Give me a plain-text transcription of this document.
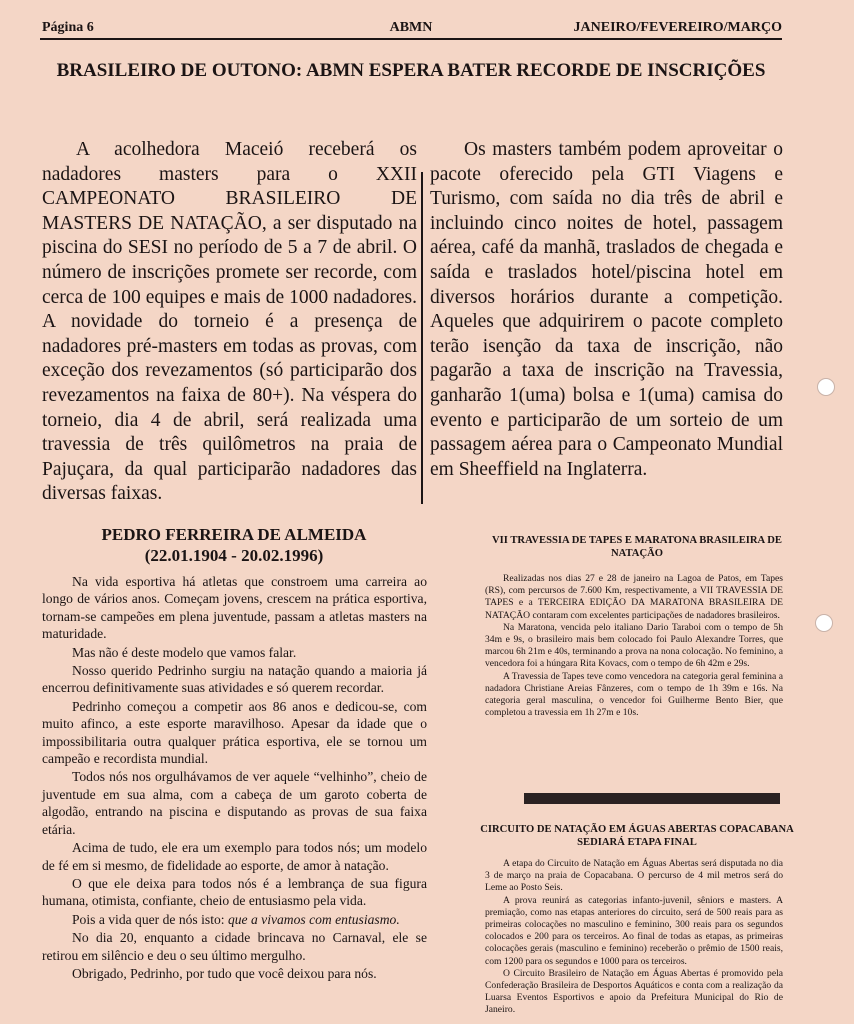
Página 6	ABMN	JANEIRO/FEVEREIRO/MARÇO
BRASILEIRO DE OUTONO: ABMN ESPERA BATER RECORDE DE INSCRIÇÕES

A acolhedora Maceió receberá os nadadores masters para o XXII CAMPEONATO BRASILEIRO DE MASTERS DE NATAÇÃO, a ser disputado na piscina do SESI no período de 5 a 7 de abril. O número de inscrições promete ser recorde, com cerca de 100 equipes e mais de 1000 nadadores. A novidade do torneio é a presença de nadadores pré-masters em todas as provas, com exceção dos revezamentos (só participarão dos revezamentos na faixa de 80+). Na véspera do torneio, dia 4 de abril, será realizada uma travessia de três quilômetros na praia de Pajuçara, da qual participarão nadadores das diversas faixas.

Os masters também podem aproveitar o pacote oferecido pela GTI Viagens e Turismo, com saída no dia três de abril e incluindo cinco noites de hotel, passagem aérea, café da manhã, traslados de chegada e saída e traslados hotel/piscina hotel em diversos horários durante a competição. Aqueles que adquirirem o pacote completo terão isenção da taxa de inscrição, não pagarão a taxa de inscrição na Travessia, ganharão 1(uma) bolsa e 1(uma) camisa do evento e participarão de um sorteio de um passagem aérea para o Campeonato Mundial em Sheeffield na Inglaterra.

PEDRO FERREIRA DE ALMEIDA
(22.01.1904 - 20.02.1996)

Na vida esportiva há atletas que constroem uma carreira ao longo de vários anos. Começam jovens, crescem na prática esportiva, tornam-se campeões em plena juventude, passam a atletas masters na maturidade.

Mas não é deste modelo que vamos falar.

Nosso querido Pedrinho surgiu na natação quando a maioria já encerrou definitivamente suas atividades e só querem recordar.

Pedrinho começou a competir aos 86 anos e dedicou-se, com muito afinco, a este esporte maravilhoso. Apesar da idade que o impossibilitaria outra qualquer prática esportiva, ele se tornou um campeão e recordista mundial.

Todos nós nos orgulhávamos de ver aquele “velhinho”, cheio de juventude em sua alma, com a cabeça de um garoto coberta de algodão, entrando na piscina e disputando as provas de sua faixa etária.

Acima de tudo, ele era um exemplo para todos nós; um modelo de fé em si mesmo, de fidelidade ao esporte, de amor à natação.

O que ele deixa para todos nós é a lembrança de sua figura humana, otimista, confiante, cheio de entusiasmo pela vida.

Pois a vida quer de nós isto: que a vivamos com entusiasmo.

No dia 20, enquanto a cidade brincava no Carnaval, ele se retirou em silêncio e deu o seu último mergulho.

Obrigado, Pedrinho, por tudo que você deixou para nós.

VII TRAVESSIA DE TAPES E MARATONA BRASILEIRA DE NATAÇÃO

Realizadas nos dias 27 e 28 de janeiro na Lagoa de Patos, em Tapes (RS), com percursos de 7.600 Km, respectivamente, a VII TRAVESSIA DE TAPES e a TERCEIRA EDIÇÃO DA MARATONA BRASILEIRA DE NATAÇÃO contaram com excelentes participações de nadadores brasileiros.

Na Maratona, vencida pelo italiano Dario Taraboi com o tempo de 5h 34m e 9s, o brasileiro mais bem colocado foi Paulo Alexandre Torres, que marcou 6h 21m e 40s, terminando a prova na nona colocação. No feminino, a vencedora foi a húngara Rita Kovacs, com o tempo de 6h 42m e 29s.

A Travessia de Tapes teve como vencedora na categoria geral feminina a nadadora Christiane Areias Fânzeres, com o tempo de 1h 39m e 16s. Na categoria geral masculina, o vencedor foi Guilherme Bento Bier, que completou a travessia em 1h 27m e 10s.

CIRCUITO DE NATAÇÃO EM ÁGUAS ABERTAS COPACABANA SEDIARÁ ETAPA FINAL

A etapa do Circuito de Natação em Águas Abertas será disputada no dia 3 de março na praia de Copacabana. O percurso de 4 mil metros será do Leme ao Posto Seis.

A prova reunirá as categorias infanto-juvenil, sêniors e masters. A premiação, como nas etapas anteriores do circuito, será de 500 reais para as primeiras colocações no masculino e feminino, 300 reais para os segundos colocados e 200 para os terceiros. Ao final de todas as etapas, as primeiras colocações gerais (masculino e feminino) receberão o prêmio de 1500 reais, com 1200 para os segundos e 1000 para os terceiros.

O Circuito Brasileiro de Natação em Águas Abertas é promovido pela Confederação Brasileira de Desportos Aquáticos e conta com a realização da Luarsa Eventos Esportivos e apoio da Prefeitura Municipal do Rio de Janeiro.
